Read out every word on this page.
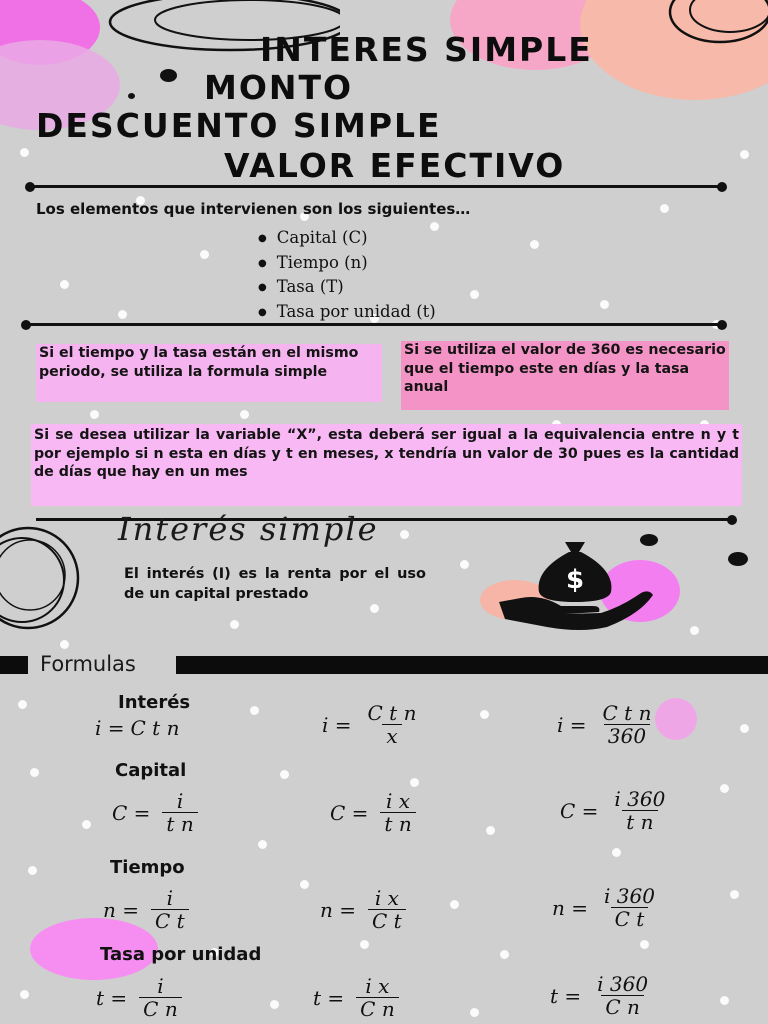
INTERES SIMPLE
MONTO
DESCUENTO SIMPLE
VALOR EFECTIVO
Los elementos que intervienen son los siguientes…
● Capital (C)
● Tiempo (n)
● Tasa (T)
● Tasa por unidad (t)
Si el tiempo y la tasa están en el mismo periodo, se utiliza la formula simple
Si se utiliza el valor de 360 es necesario que el tiempo este en días y la tasa anual
Si se desea utilizar la variable “X”, esta deberá ser igual a la equivalencia entre n y t por ejemplo si n esta en días y t en meses, x tendría un valor de 30 pues es la cantidad de días que hay en un mes
Interés simple
El interés (I) es la renta por el uso de un capital prestado	$
Formulas
Interés
i = C t n	$i = \frac{\text{C t n}}{x}$	$i = \frac{\text{C t n}}{360}$
Capital
$C = \frac{i}{\text{t n}}$	$C = \frac{\text{i x}}{\text{t n}}$	$C = \frac{i 360}{\text{t n}}$
Tiempo
$n = \frac{i}{\text{C t}}$	$n = \frac{\text{i x}}{\text{C t}}$	$n = \frac{i 360}{\text{C t}}$
Tasa por unidad
$t = \frac{i}{\text{C n}}$	$t = \frac{\text{i x}}{\text{C n}}$	$t = \frac{i 360}{\text{C n}}$
